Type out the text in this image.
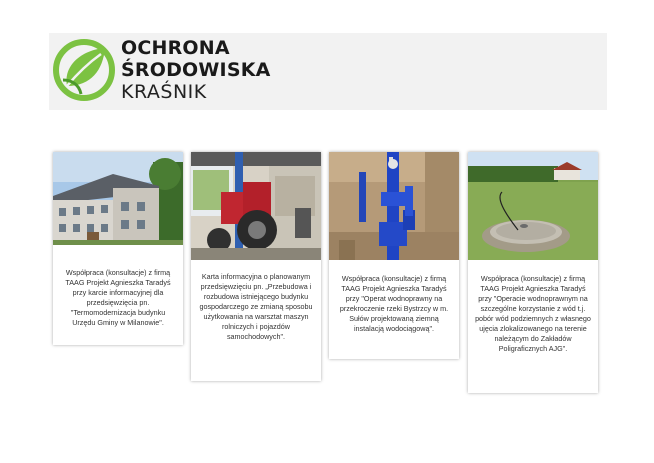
OCHRONA
ŚRODOWISKA
KRAŚNIK
Współpraca (konsultacje) z firmą TAAG Projekt Agnieszka Taradyś przy karcie informacyjnej dla przedsięwzięcia pn. "Termomodernizacja budynku Urzędu Gminy w Milanowie".
Karta informacyjna o planowanym przedsięwzięciu pn. „Przebudowa i rozbudowa istniejącego budynku gospodarczego ze zmianą sposobu użytkowania na warsztat maszyn rolniczych i pojazdów samochodowych".
Współpraca (konsultacje) z firmą TAAG Projekt Agnieszka Taradyś przy "Operat wodnoprawny na przekroczenie rzeki Bystrzcy w m. Sułów projektowaną ziemną instalacją wodociągową".
Współpraca (konsultacje) z firmą TAAG Projekt Agnieszka Taradyś przy "Operacie wodnoprawnym na szczególne korzystanie z wód t.j. pobór wód podziemnych z własnego ujęcia zlokalizowanego na terenie należącym do Zakładów Poligraficznych AJG".
